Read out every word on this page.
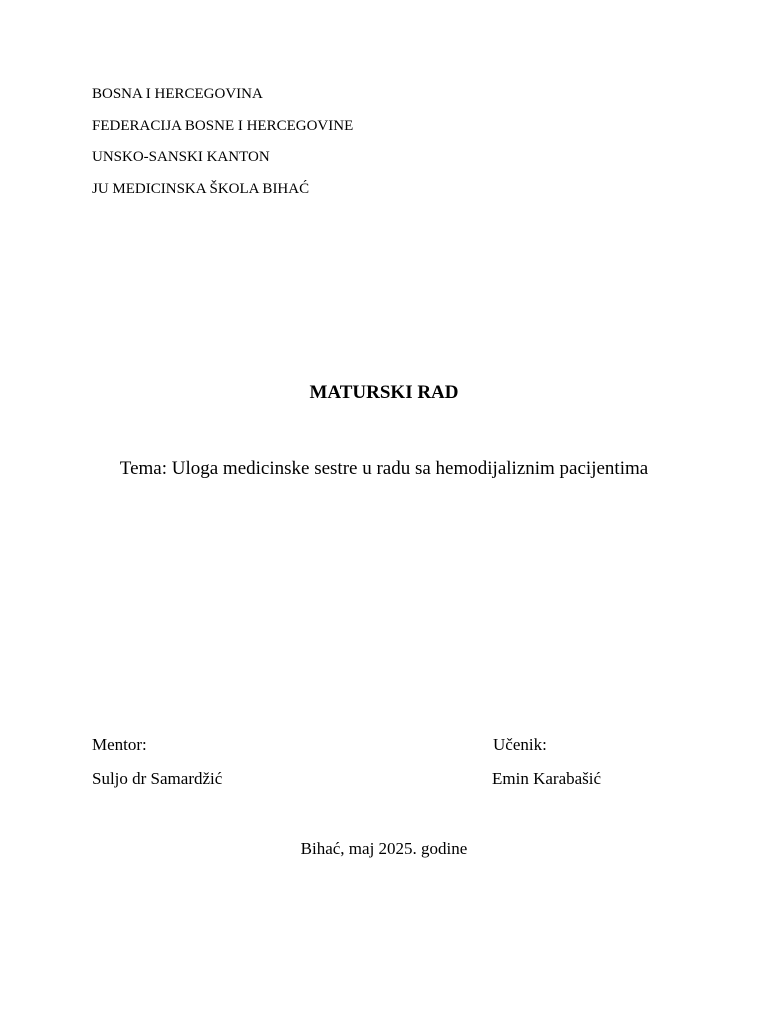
BOSNA I HERCEGOVINA
FEDERACIJA BOSNE I HERCEGOVINE
UNSKO-SANSKI KANTON
JU MEDICINSKA ŠKOLA BIHAĆ
MATURSKI RAD
Tema: Uloga medicinske sestre u radu sa hemodijaliznim pacijentima
Mentor:
Suljo dr Samardžić
Učenik:
Emin Karabašić
Bihać, maj 2025. godine
